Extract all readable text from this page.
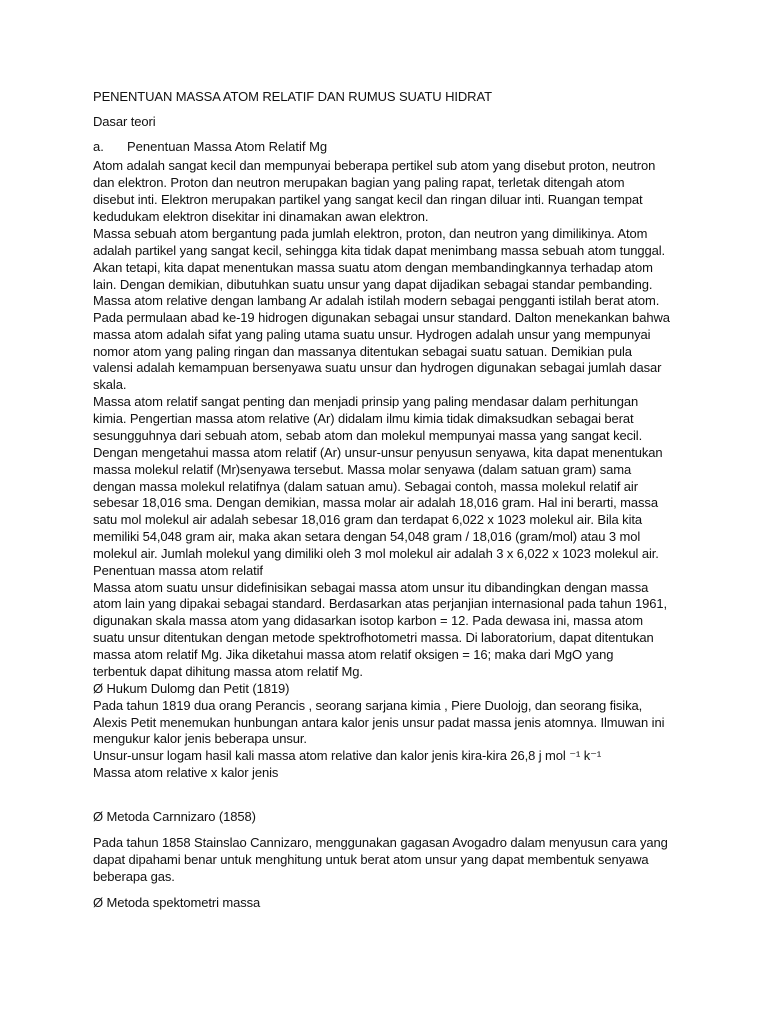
PENENTUAN MASSA ATOM RELATIF DAN RUMUS SUATU HIDRAT
Dasar teori
a. Penentuan Massa Atom Relatif Mg
Atom adalah sangat kecil dan mempunyai beberapa pertikel sub atom yang disebut proton, neutron
dan elektron. Proton dan neutron merupakan bagian yang paling rapat, terletak ditengah atom
disebut inti. Elektron merupakan partikel yang sangat kecil dan ringan diluar inti. Ruangan tempat
kedudukam elektron disekitar ini dinamakan awan elektron.
Massa sebuah atom bergantung pada jumlah elektron, proton, dan neutron yang dimilikinya. Atom
adalah partikel yang sangat kecil, sehingga kita tidak dapat menimbang massa sebuah atom tunggal.
Akan tetapi, kita dapat menentukan massa suatu atom dengan membandingkannya terhadap atom
lain. Dengan demikian, dibutuhkan suatu unsur yang dapat dijadikan sebagai standar pembanding.
Massa atom relative dengan lambang Ar adalah istilah modern sebagai pengganti istilah berat atom.
Pada permulaan abad ke-19 hidrogen digunakan sebagai unsur standard. Dalton menekankan bahwa
massa atom adalah sifat yang paling utama suatu unsur. Hydrogen adalah unsur yang mempunyai
nomor atom yang paling ringan dan massanya ditentukan sebagai suatu satuan. Demikian pula
valensi adalah kemampuan bersenyawa suatu unsur dan hydrogen digunakan sebagai jumlah dasar
skala.
Massa atom relatif sangat penting dan menjadi prinsip yang paling mendasar dalam perhitungan
kimia. Pengertian massa atom relative (Ar) didalam ilmu kimia tidak dimaksudkan sebagai berat
sesungguhnya dari sebuah atom, sebab atom dan molekul mempunyai massa yang sangat kecil.
Dengan mengetahui massa atom relatif (Ar) unsur-unsur penyusun senyawa, kita dapat menentukan
massa molekul relatif (Mr)senyawa tersebut. Massa molar senyawa (dalam satuan gram) sama
dengan massa molekul relatifnya (dalam satuan amu). Sebagai contoh, massa molekul relatif air
sebesar 18,016 sma. Dengan demikian, massa molar air adalah 18,016 gram. Hal ini berarti, massa
satu mol molekul air adalah sebesar 18,016 gram dan terdapat 6,022 x 1023 molekul air. Bila kita
memiliki 54,048 gram air, maka akan setara dengan 54,048 gram / 18,016 (gram/mol) atau 3 mol
molekul air. Jumlah molekul yang dimiliki oleh 3 mol molekul air adalah 3 x 6,022 x 1023 molekul air.
Penentuan massa atom relatif
Massa atom suatu unsur didefinisikan sebagai massa atom unsur itu dibandingkan dengan massa
atom lain yang dipakai sebagai standard. Berdasarkan atas perjanjian internasional pada tahun 1961,
digunakan skala massa atom yang didasarkan isotop karbon = 12. Pada dewasa ini, massa atom
suatu unsur ditentukan dengan metode spektrofhotometri massa. Di laboratorium, dapat ditentukan
massa atom relatif Mg. Jika diketahui massa atom relatif oksigen = 16; maka dari MgO yang
terbentuk dapat dihitung massa atom relatif Mg.
Ø Hukum Dulomg dan Petit (1819)
Pada tahun 1819 dua orang Perancis , seorang sarjana kimia , Piere Duolojg, dan seorang fisika,
Alexis Petit menemukan hunbungan antara kalor jenis unsur padat massa jenis atomnya. Ilmuwan ini
mengukur kalor jenis beberapa unsur.
Unsur-unsur logam hasil kali massa atom relative dan kalor jenis kira-kira 26,8 j mol ⁻¹ k⁻¹
Massa atom relative x kalor jenis
Ø Metoda Carnnizaro (1858)
Pada tahun 1858 Stainslao Cannizaro, menggunakan gagasan Avogadro dalam menyusun cara yang
dapat dipahami benar untuk menghitung untuk berat atom unsur yang dapat membentuk senyawa
beberapa gas.
Ø Metoda spektometri massa
